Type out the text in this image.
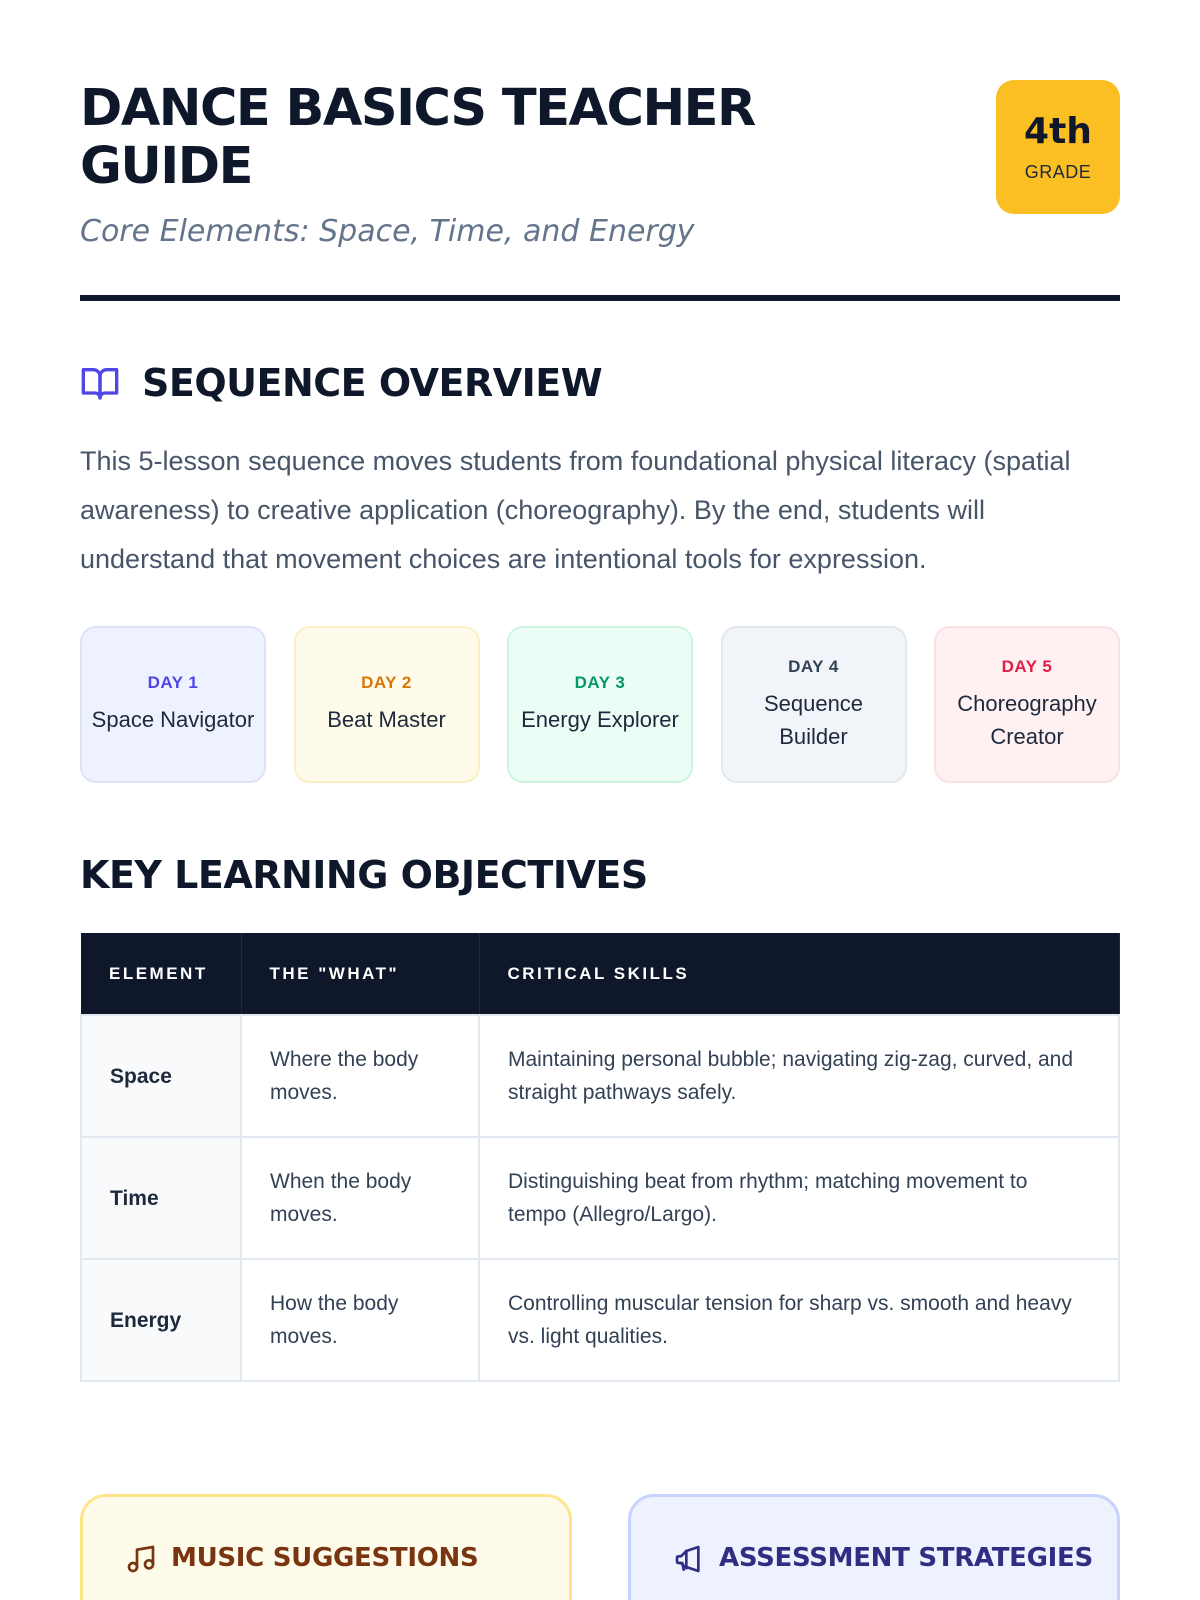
DANCE BASICS TEACHER GUIDE
Core Elements: Space, Time, and Energy
4th
GRADE
SEQUENCE OVERVIEW

This 5-lesson sequence moves students from foundational physical literacy (spatial awareness) to creative application (choreography). By the end, students will understand that movement choices are intentional tools for expression.

DAY 1
Space Navigator
DAY 2
Beat Master
DAY 3
Energy Explorer
DAY 4
Sequence Builder
DAY 5
Choreography Creator
KEY LEARNING OBJECTIVES
ELEMENT	THE "WHAT"	CRITICAL SKILLS
Space	Where the body moves.	Maintaining personal bubble; navigating zig-zag, curved, and straight pathways safely.
Time	When the body moves.	Distinguishing beat from rhythm; matching movement to tempo (Allegro/Largo).
Energy	How the body moves.	Controlling muscular tension for sharp vs. smooth and heavy vs. light qualities.
MUSIC SUGGESTIONS	ASSESSMENT STRATEGIES
